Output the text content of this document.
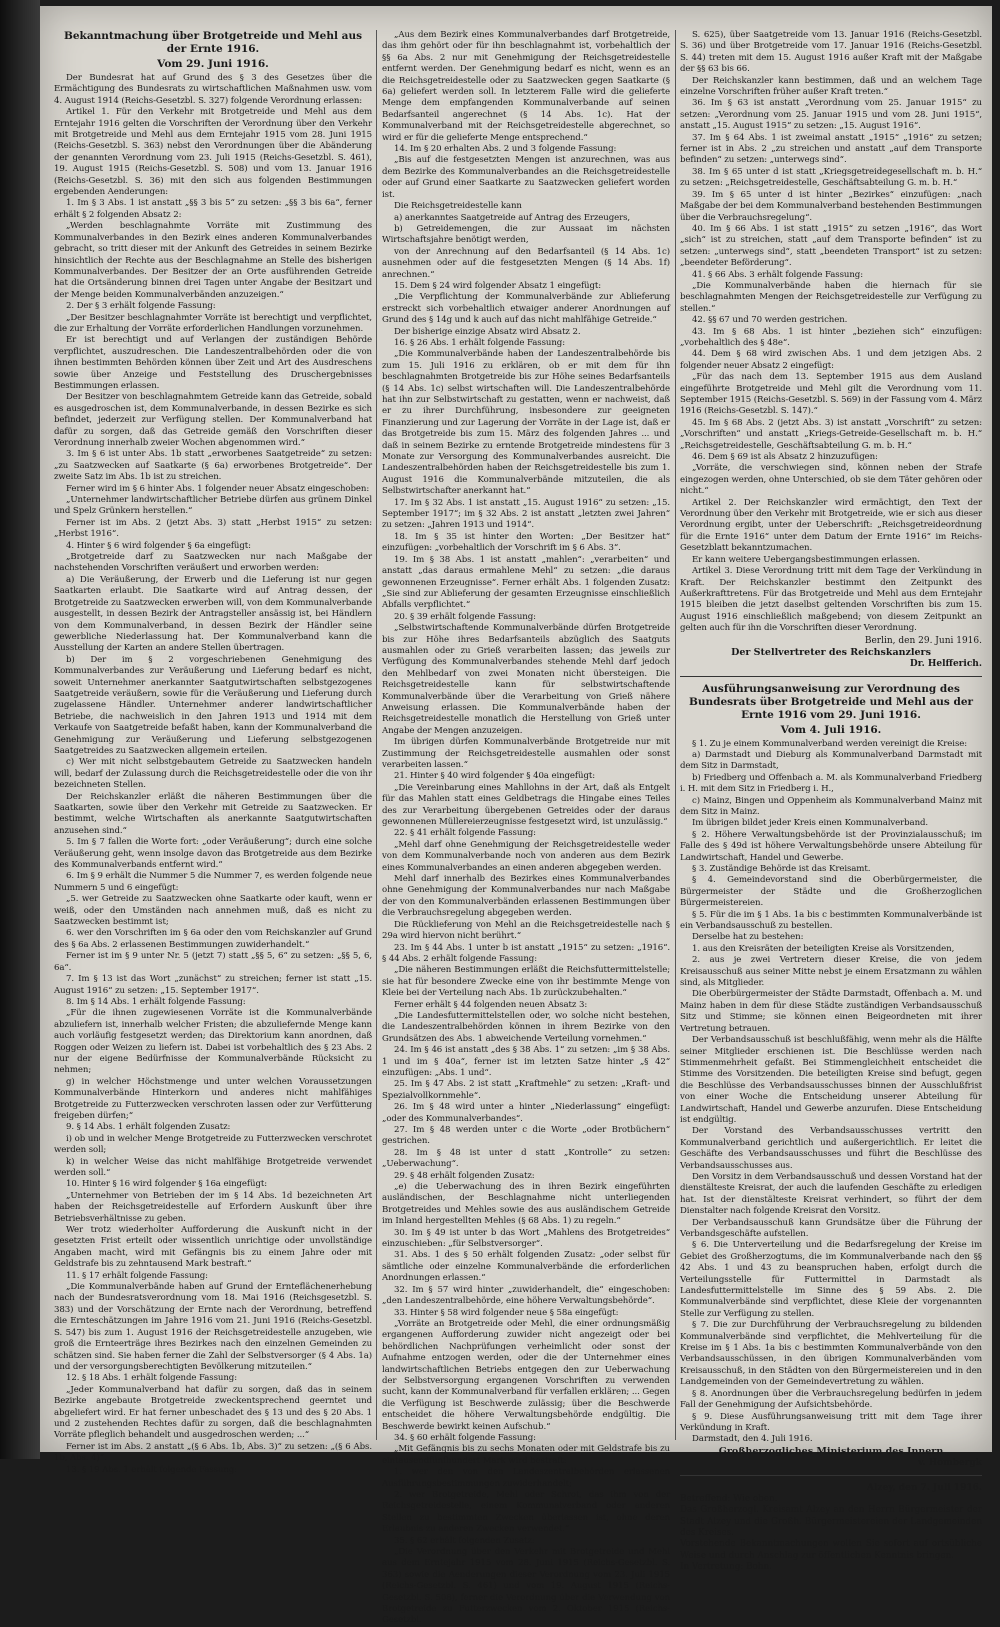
Bekanntmachung über Brotgetreide und Mehl aus der Ernte 1916.
Vom 29. Juni 1916.

Der Bundesrat hat auf Grund des § 3 des Gesetzes über die Ermächtigung des Bundesrats zu wirtschaftlichen Maßnahmen usw. vom 4. August 1914 (Reichs-Gesetzbl. S. 327) folgende Verordnung erlassen:

Artikel 1. Für den Verkehr mit Brotgetreide und Mehl aus dem Erntejahr 1916 gelten die Vorschriften der Verordnung über den Verkehr mit Brotgetreide und Mehl aus dem Erntejahr 1915 vom 28. Juni 1915 (Reichs-Gesetzbl. S. 363) nebst den Verordnungen über die Abänderung der genannten Verordnung vom 23. Juli 1915 (Reichs-Gesetzbl. S. 461), 19. August 1915 (Reichs-Gesetzbl. S. 508) und vom 13. Januar 1916 (Reichs-Gesetzbl. S. 36) mit den sich aus folgenden Bestimmungen ergebenden Aenderungen:

1. Im § 3 Abs. 1 ist anstatt „§§ 3 bis 5“ zu setzen: „§§ 3 bis 6a“, ferner erhält § 2 folgenden Absatz 2:

„Werden beschlagnahmte Vorräte mit Zustimmung des Kommunalverbandes in den Bezirk eines anderen Kommunalverbandes gebracht, so tritt dieser mit der Ankunft des Getreides in seinem Bezirke hinsichtlich der Rechte aus der Beschlagnahme an Stelle des bisherigen Kommunalverbandes. Der Besitzer der an Orte ausführenden Getreide hat die Ortsänderung binnen drei Tagen unter Angabe der Besitzart und der Menge beiden Kommunalverbänden anzuzeigen.“

2. Der § 3 erhält folgende Fassung:

„Der Besitzer beschlagnahmter Vorräte ist berechtigt und verpflichtet, die zur Erhaltung der Vorräte erforderlichen Handlungen vorzunehmen.

Er ist berechtigt und auf Verlangen der zuständigen Behörde verpflichtet, auszudreschen. Die Landeszentralbehörden oder die von ihnen bestimmten Behörden können über Zeit und Art des Ausdreschens sowie über Anzeige und Feststellung des Druschergebnisses Bestimmungen erlassen.

Der Besitzer von beschlagnahmtem Getreide kann das Getreide, sobald es ausgedroschen ist, dem Kommunalverbande, in dessen Bezirke es sich befindet, jederzeit zur Verfügung stellen. Der Kommunalverband hat dafür zu sorgen, daß das Getreide gemäß den Vorschriften dieser Verordnung innerhalb zweier Wochen abgenommen wird.“

3. Im § 6 ist unter Abs. 1b statt „erworbenes Saatgetreide“ zu setzen: „zu Saatzwecken auf Saatkarte (§ 6a) erworbenes Brotgetreide“. Der zweite Satz im Abs. 1b ist zu streichen.

Ferner wird im § 6 hinter Abs. 1 folgender neuer Absatz eingeschoben:

„Unternehmer landwirtschaftlicher Betriebe dürfen aus grünem Dinkel und Spelz Grünkern herstellen.“

Ferner ist im Abs. 2 (jetzt Abs. 3) statt „Herbst 1915“ zu setzen: „Herbst 1916“.

4. Hinter § 6 wird folgender § 6a eingefügt:

„Brotgetreide darf zu Saatzwecken nur nach Maßgabe der nachstehenden Vorschriften veräußert und erworben werden:

a) Die Veräußerung, der Erwerb und die Lieferung ist nur gegen Saatkarten erlaubt. Die Saatkarte wird auf Antrag dessen, der Brotgetreide zu Saatzwecken erwerben will, von dem Kommunalverbande ausgestellt, in dessen Bezirk der Antragsteller ansässig ist, bei Händlern von dem Kommunalverband, in dessen Bezirk der Händler seine gewerbliche Niederlassung hat. Der Kommunalverband kann die Ausstellung der Karten an andere Stellen übertragen.

b) Der im § 2 vorgeschriebenen Genehmigung des Kommunalverbandes zur Veräußerung und Lieferung bedarf es nicht, soweit Unternehmer anerkannter Saatgutwirtschaften selbstgezogenes Saatgetreide veräußern, sowie für die Veräußerung und Lieferung durch zugelassene Händler. Unternehmer anderer landwirtschaftlicher Betriebe, die nachweislich in den Jahren 1913 und 1914 mit dem Verkaufe von Saatgetreide befaßt haben, kann der Kommunalverband die Genehmigung zur Veräußerung und Lieferung selbstgezogenen Saatgetreides zu Saatzwecken allgemein erteilen.

c) Wer mit nicht selbstgebautem Getreide zu Saatzwecken handeln will, bedarf der Zulassung durch die Reichsgetreidestelle oder die von ihr bezeichneten Stellen.

Der Reichskanzler erläßt die näheren Bestimmungen über die Saatkarten, sowie über den Verkehr mit Getreide zu Saatzwecken. Er bestimmt, welche Wirtschaften als anerkannte Saatgutwirtschaften anzusehen sind.“

5. Im § 7 fallen die Worte fort: „oder Veräußerung“; durch eine solche Veräußerung geht, wenn insolge davon das Brotgetreide aus dem Bezirke des Kommunalverbands entfernt wird.“

6. Im § 9 erhält die Nummer 5 die Nummer 7, es werden folgende neue Nummern 5 und 6 eingefügt:

„5. wer Getreide zu Saatzwecken ohne Saatkarte oder kauft, wenn er weiß, oder den Umständen nach annehmen muß, daß es nicht zu Saatzwecken bestimmt ist;

6. wer den Vorschriften im § 6a oder den vom Reichskanzler auf Grund des § 6a Abs. 2 erlassenen Bestimmungen zuwiderhandelt.“

Ferner ist im § 9 unter Nr. 5 (jetzt 7) statt „§§ 5, 6“ zu setzen: „§§ 5, 6, 6a“.

7. Im § 13 ist das Wort „zunächst“ zu streichen; ferner ist statt „15. August 1916“ zu setzen: „15. September 1917“.

8. Im § 14 Abs. 1 erhält folgende Fassung:

„Für die ihnen zugewiesenen Vorräte ist die Kommunalverbände abzuliefern ist, innerhalb welcher Fristen; die abzuliefernde Menge kann auch vorläufig festgesetzt werden; das Direktorium kann anordnen, daß Roggen oder Weizen zu liefern ist. Dabei ist vorbehaltlich des § 23 Abs. 2 nur der eigene Bedürfnisse der Kommunalverbände Rücksicht zu nehmen;

g) in welcher Höchstmenge und unter welchen Voraussetzungen Kommunalverbände Hinterkorn und anderes nicht mahlfähiges Brotgetreide zu Futterzwecken verschroten lassen oder zur Verfütterung freigeben dürfen;“

9. § 14 Abs. 1 erhält folgenden Zusatz:

i) ob und in welcher Menge Brotgetreide zu Futterzwecken verschrotet werden soll;

k) in welcher Weise das nicht mahlfähige Brotgetreide verwendet werden soll.“

10. Hinter § 16 wird folgender § 16a eingefügt:

„Unternehmer von Betrieben der im § 14 Abs. 1d bezeichneten Art haben der Reichsgetreidestelle auf Erfordern Auskunft über ihre Betriebsverhältnisse zu geben.

Wer trotz wiederholter Aufforderung die Auskunft nicht in der gesetzten Frist erteilt oder wissentlich unrichtige oder unvollständige Angaben macht, wird mit Gefängnis bis zu einem Jahre oder mit Geldstrafe bis zu zehntausend Mark bestraft.“

11. § 17 erhält folgende Fassung:

„Die Kommunalverbände haben auf Grund der Ernteflächenerhebung nach der Bundesratsverordnung vom 18. Mai 1916 (Reichsgesetzbl. S. 383) und der Vorschätzung der Ernte nach der Verordnung, betreffend die Ernteschätzungen im Jahre 1916 vom 21. Juni 1916 (Reichs-Gesetzbl. S. 547) bis zum 1. August 1916 der Reichsgetreidestelle anzugeben, wie groß die Ernteerträge ihres Bezirkes nach den einzelnen Gemeinden zu schätzen sind. Sie haben ferner die Zahl der Selbstversorger (§ 4 Abs. 1a) und der versorgungsberechtigten Bevölkerung mitzuteilen.“

12. § 18 Abs. 1 erhält folgende Fassung:

„Jeder Kommunalverband hat dafür zu sorgen, daß das in seinem Bezirke angebaute Brotgetreide zweckentsprechend geerntet und abgeliefert wird. Er hat ferner unbeschadet des § 13 und des § 20 Abs. 1 und 2 zustehenden Rechtes dafür zu sorgen, daß die beschlagnahmten Vorräte pfleglich behandelt und ausgedroschen werden; ...“

Ferner ist im Abs. 2 anstatt „(§ 6 Abs. 1b, Abs. 3)“ zu setzen: „(§ 6 Abs. 1b, Abs. 4)“.

13. § 19 Abs. 1 erhält folgende Fassung:

„Aus dem Bezirk eines Kommunalverbandes darf Brotgetreide, das ihm gehört oder für ihn beschlagnahmt ist, vorbehaltlich der §§ 6a Abs. 2 nur mit Genehmigung der Reichsgetreidestelle entfernt werden. Der Genehmigung bedarf es nicht, wenn es an die Reichsgetreidestelle oder zu Saatzwecken gegen Saatkarte (§ 6a) geliefert werden soll. In letzterem Falle wird die gelieferte Menge dem empfangenden Kommunalverbande auf seinen Bedarfsanteil angerechnet (§ 14 Abs. 1c). Hat der Kommunalverband mit der Reichsgetreidestelle abgerechnet, so wird er für die gelieferte Menge entsprechend.“

14. Im § 20 erhalten Abs. 2 und 3 folgende Fassung:

„Bis auf die festgesetzten Mengen ist anzurechnen, was aus dem Bezirke des Kommunalverbandes an die Reichsgetreidestelle oder auf Grund einer Saatkarte zu Saatzwecken geliefert worden ist.

Die Reichsgetreidestelle kann

a) anerkanntes Saatgetreide auf Antrag des Erzeugers,

b) Getreidemengen, die zur Aussaat im nächsten Wirtschaftsjahre benötigt werden,

von der Anrechnung auf den Bedarfsanteil (§ 14 Abs. 1c) ausnehmen oder auf die festgesetzten Mengen (§ 14 Abs. 1f) anrechnen.“

15. Dem § 24 wird folgender Absatz 1 eingefügt:

„Die Verpflichtung der Kommunalverbände zur Ablieferung erstreckt sich vorbehaltlich etwaiger anderer Anordnungen auf Grund des § 14g und k auch auf das nicht mahlfähige Getreide.“

Der bisherige einzige Absatz wird Absatz 2.

16. § 26 Abs. 1 erhält folgende Fassung:

„Die Kommunalverbände haben der Landeszentralbehörde bis zum 15. Juli 1916 zu erklären, ob er mit dem für ihn beschlagnahmten Brotgetreide bis zur Höhe seines Bedarfsanteils (§ 14 Abs. 1c) selbst wirtschaften will. Die Landeszentralbehörde hat ihn zur Selbstwirtschaft zu gestatten, wenn er nachweist, daß er zu ihrer Durchführung, insbesondere zur geeigneten Finanzierung und zur Lagerung der Vorräte in der Lage ist, daß er das Brotgetreide bis zum 15. März des folgenden Jahres ... und daß in seinem Bezirke zu erntende Brotgetreide mindestens für 3 Monate zur Versorgung des Kommunalverbandes ausreicht. Die Landeszentralbehörden haben der Reichsgetreidestelle bis zum 1. August 1916 die Kommunalverbände mitzuteilen, die als Selbstwirtschafter anerkannt hat.“

17. Im § 32 Abs. 1 ist anstatt „15. August 1916“ zu setzen: „15. September 1917“; im § 32 Abs. 2 ist anstatt „letzten zwei Jahren“ zu setzen: „Jahren 1913 und 1914“.

18. Im § 35 ist hinter den Worten: „Der Besitzer hat“ einzufügen: „vorbehaltlich der Vorschrift im § 6 Abs. 3“.

19. Im § 38 Abs. 1 ist anstatt „mahlen“: „verarbeiten“ und anstatt „das daraus ermahlene Mehl“ zu setzen: „die daraus gewonnenen Erzeugnisse“. Ferner erhält Abs. 1 folgenden Zusatz: „Sie sind zur Ablieferung der gesamten Erzeugnisse einschließlich Abfalls verpflichtet.“

20. § 39 erhält folgende Fassung:

„Selbstwirtschaftende Kommunalverbände dürfen Brotgetreide bis zur Höhe ihres Bedarfsanteils abzüglich des Saatguts ausmahlen oder zu Grieß verarbeiten lassen; das jeweils zur Verfügung des Kommunalverbandes stehende Mehl darf jedoch den Mehlbedarf von zwei Monaten nicht übersteigen. Die Reichsgetreidestelle kann für selbstwirtschaftende Kommunalverbände über die Verarbeitung von Grieß nähere Anweisung erlassen. Die Kommunalverbände haben der Reichsgetreidestelle monatlich die Herstellung von Grieß unter Angabe der Mengen anzuzeigen.

Im übrigen dürfen Kommunalverbände Brotgetreide nur mit Zustimmung der Reichsgetreidestelle ausmahlen oder sonst verarbeiten lassen.“

21. Hinter § 40 wird folgender § 40a eingefügt:

„Die Vereinbarung eines Mahllohns in der Art, daß als Entgelt für das Mahlen statt eines Geldbetrags die Hingabe eines Teiles des zur Verarbeitung übergebenen Getreides oder der daraus gewonnenen Müllereierzeugnisse festgesetzt wird, ist unzulässig.“

22. § 41 erhält folgende Fassung:

„Mehl darf ohne Genehmigung der Reichsgetreidestelle weder von dem Kommunalverbande noch von anderen aus dem Bezirk eines Kommunalverbandes an einen anderen abgegeben werden.

Mehl darf innerhalb des Bezirkes eines Kommunalverbandes ohne Genehmigung der Kommunalverbandes nur nach Maßgabe der von den Kommunalverbänden erlassenen Bestimmungen über die Verbrauchsregelung abgegeben werden.

Die Rücklieferung von Mehl an die Reichsgetreidestelle nach § 29a wird hiervon nicht berührt.“

23. Im § 44 Abs. 1 unter b ist anstatt „1915“ zu setzen: „1916“. § 44 Abs. 2 erhält folgende Fassung:

„Die näheren Bestimmungen erläßt die Reichsfuttermittelstelle; sie hat für besondere Zwecke eine von ihr bestimmte Menge von Kleie bei der Verteilung nach Abs. 1b zurückzubehalten.“

Ferner erhält § 44 folgenden neuen Absatz 3:

„Die Landesfuttermittelstellen oder, wo solche nicht bestehen, die Landeszentralbehörden können in ihrem Bezirke von den Grundsätzen des Abs. 1 abweichende Verteilung vornehmen.“

24. Im § 46 ist anstatt „des § 38 Abs. 1“ zu setzen: „im § 38 Abs. 1 und im § 40a“, ferner ist im letzten Satze hinter „§ 42“ einzufügen: „Abs. 1 und“.

25. Im § 47 Abs. 2 ist statt „Kraftmehle“ zu setzen: „Kraft- und Spezialvollkornmehle“.

26. Im § 48 wird unter a hinter „Niederlassung“ eingefügt: „oder des Kommunalverbandes“.

27. Im § 48 werden unter c die Worte „oder Brotbüchern“ gestrichen.

28. Im § 48 ist unter d statt „Kontrolle“ zu setzen: „Ueberwachung“.

29. § 48 erhält folgenden Zusatz:

„e) die Ueberwachung des in ihren Bezirk eingeführten ausländischen, der Beschlagnahme nicht unterliegenden Brotgetreides und Mehles sowie des aus ausländischem Getreide im Inland hergestellten Mehles (§ 68 Abs. 1) zu regeln.“

30. Im § 49 ist unter b das Wort „Mahlens des Brotgetreides“ einzuschieben: „für Selbstversorger“.

31. Abs. 1 des § 50 erhält folgenden Zusatz: „oder selbst für sämtliche oder einzelne Kommunalverbände die erforderlichen Anordnungen erlassen.“

32. Im § 57 wird hinter „zuwiderhandelt, die“ eingeschoben: „den Landeszentralbehörde, eine höhere Verwaltungsbehörde“.

33. Hinter § 58 wird folgender neue § 58a eingefügt:

„Vorräte an Brotgetreide oder Mehl, die einer ordnungsmäßig ergangenen Aufforderung zuwider nicht angezeigt oder bei behördlichen Nachprüfungen verheimlicht oder sonst der Aufnahme entzogen werden, oder die der Unternehmer eines landwirtschaftlichen Betriebs entgegen den zur Ueberwachung der Selbstversorgung ergangenen Vorschriften zu verwenden sucht, kann der Kommunalverband für verfallen erklären; ... Gegen die Verfügung ist Beschwerde zulässig; über die Beschwerde entscheidet die höhere Verwaltungsbehörde endgültig. Die Beschwerde bewirkt keinen Aufschub.“

34. § 60 erhält folgende Fassung:

„Mit Gefängnis bis zu sechs Monaten oder mit Geldstrafe bis zu eintausendfünfhundert Mark wird bestraft:

1. wer den von den Landeszentralbehörden erlassenen Ausführungsbestimmungen zuwiderhandelt;

2. wer Brotgetreide, Mehl oder Schrot, das ihm von der Reichsgetreidestelle, einem Kommunalverband oder anderen Stellen zu bestimmten Zwecken überlassen ist, ohne deren Erlaubnis zu anderen Zwecken verwendet.“

35. § 62 erhält folgenden Zusatz:

„Die Verordnung über den Verkehr mit Brotgetreide und Mehl aus dem Erntejahr 1915 vom 28. Juni 1915 (Reichs-Gesetzbl. S. 363) sowie die Aenderungen dieser Verordnung vom 23. Juli 1915 (Reichs-Gesetzbl. S. 461) und vom 19. August 1915 (Reichs-Gesetzbl. S. 508), ferner die Verordnung über die Verwendung von Brotgetreide zu Futterzwecken vom 2. Oktober 1915 (Reichs-Gesetzbl.

S. 625), über Saatgetreide vom 13. Januar 1916 (Reichs-Gesetzbl. S. 36) und über Brotgetreide vom 17. Januar 1916 (Reichs-Gesetzbl. S. 44) treten mit dem 15. August 1916 außer Kraft mit der Maßgabe der §§ 63 bis 66.

Der Reichskanzler kann bestimmen, daß und an welchem Tage einzelne Vorschriften früher außer Kraft treten.“

36. Im § 63 ist anstatt „Verordnung vom 25. Januar 1915“ zu setzen: „Verordnung vom 25. Januar 1915 und vom 28. Juni 1915“, anstatt „15. August 1915“ zu setzen: „15. August 1916“.

37. Im § 64 Abs. 1 ist zweimal anstatt „1915“ „1916“ zu setzen; ferner ist in Abs. 2 „zu streichen und anstatt „auf dem Transporte befinden“ zu setzen: „unterwegs sind“.

38. Im § 65 unter d ist statt „Kriegsgetreidegesellschaft m. b. H.“ zu setzen: „Reichsgetreidestelle, Geschäftsabteilung G. m. b. H.“

39. Im § 65 unter d ist hinter „Bezirkes“ einzufügen: „nach Maßgabe der bei dem Kommunalverband bestehenden Bestimmungen über die Verbrauchsregelung“.

40. Im § 66 Abs. 1 ist statt „1915“ zu setzen „1916“, das Wort „sich“ ist zu streichen, statt „auf dem Transporte befinden“ ist zu setzen: „unterwegs sind“, statt „beendeten Transport“ ist zu setzen: „beendeter Beförderung“.

41. § 66 Abs. 3 erhält folgende Fassung:

„Die Kommunalverbände haben die hiernach für sie beschlagnahmten Mengen der Reichsgetreidestelle zur Verfügung zu stellen.“

42. §§ 67 und 70 werden gestrichen.

43. Im § 68 Abs. 1 ist hinter „beziehen sich“ einzufügen: „vorbehaltlich des § 48e“.

44. Dem § 68 wird zwischen Abs. 1 und dem jetzigen Abs. 2 folgender neuer Absatz 2 eingefügt:

„Für das nach dem 13. September 1915 aus dem Ausland eingeführte Brotgetreide und Mehl gilt die Verordnung vom 11. September 1915 (Reichs-Gesetzbl. S. 569) in der Fassung vom 4. März 1916 (Reichs-Gesetzbl. S. 147).“

45. Im § 68 Abs. 2 (jetzt Abs. 3) ist anstatt „Vorschrift“ zu setzen: „Vorschriften“ und anstatt „Kriegs-Getreide-Gesellschaft m. b. H.“ „Reichsgetreidestelle, Geschäftsabteilung G. m. b. H.“

46. Dem § 69 ist als Absatz 2 hinzuzufügen:

„Vorräte, die verschwiegen sind, können neben der Strafe eingezogen werden, ohne Unterschied, ob sie dem Täter gehören oder nicht.“

Artikel 2. Der Reichskanzler wird ermächtigt, den Text der Verordnung über den Verkehr mit Brotgetreide, wie er sich aus dieser Verordnung ergibt, unter der Ueberschrift: „Reichsgetreideordnung für die Ernte 1916“ unter dem Datum der Ernte 1916“ im Reichs-Gesetzblatt bekanntzumachen.

Er kann weitere Uebergangsbestimmungen erlassen.

Artikel 3. Diese Verordnung tritt mit dem Tage der Verkündung in Kraft. Der Reichskanzler bestimmt den Zeitpunkt des Außerkrafttretens. Für das Brotgetreide und Mehl aus dem Erntejahr 1915 bleiben die jetzt daselbst geltenden Vorschriften bis zum 15. August 1916 einschließlich maßgebend; von diesem Zeitpunkt an gelten auch für ihn die Vorschriften dieser Verordnung.

Berlin, den 29. Juni 1916.

Der Stellvertreter des Reichskanzlers

Dr. Helfferich.

Ausführungsanweisung zur Verordnung des Bundesrats über Brotgetreide und Mehl aus der Ernte 1916 vom 29. Juni 1916.
Vom 4. Juli 1916.

§ 1. Zu je einem Kommunalverband werden vereinigt die Kreise:

a) Darmstadt und Dieburg als Kommunalverband Darmstadt mit dem Sitz in Darmstadt,

b) Friedberg und Offenbach a. M. als Kommunalverband Friedberg i. H. mit dem Sitz in Friedberg i. H.,

c) Mainz, Bingen und Oppenheim als Kommunalverband Mainz mit dem Sitz in Mainz.

Im übrigen bildet jeder Kreis einen Kommunalverband.

§ 2. Höhere Verwaltungsbehörde ist der Provinzialausschuß; im Falle des § 49d ist höhere Verwaltungsbehörde unsere Abteilung für Landwirtschaft, Handel und Gewerbe.

§ 3. Zuständige Behörde ist das Kreisamt.

§ 4. Gemeindevorstand sind die Oberbürgermeister, die Bürgermeister der Städte und die Großherzoglichen Bürgermeistereien.

§ 5. Für die im § 1 Abs. 1a bis c bestimmten Kommunalverbände ist ein Verbandsausschuß zu bestellen.

Derselbe hat zu bestehen:

1. aus den Kreisräten der beteiligten Kreise als Vorsitzenden,

2. aus je zwei Vertretern dieser Kreise, die von jedem Kreisausschuß aus seiner Mitte nebst je einem Ersatzmann zu wählen sind, als Mitglieder.

Die Oberbürgermeister der Städte Darmstadt, Offenbach a. M. und Mainz haben in dem für diese Städte zuständigen Verbandsausschuß Sitz und Stimme; sie können einen Beigeordneten mit ihrer Vertretung betrauen.

Der Verbandsausschuß ist beschlußfähig, wenn mehr als die Hälfte seiner Mitglieder erschienen ist. Die Beschlüsse werden nach Stimmenmehrheit gefaßt. Bei Stimmengleichheit entscheidet die Stimme des Vorsitzenden. Die beteiligten Kreise sind befugt, gegen die Beschlüsse des Verbandsausschusses binnen der Ausschlußfrist von einer Woche die Entscheidung unserer Abteilung für Landwirtschaft, Handel und Gewerbe anzurufen. Diese Entscheidung ist endgültig.

Der Vorstand des Verbandsausschusses vertritt den Kommunalverband gerichtlich und außergerichtlich. Er leitet die Geschäfte des Verbandsausschusses und führt die Beschlüsse des Verbandsausschusses aus.

Den Vorsitz in dem Verbandsausschuß und dessen Vorstand hat der dienstälteste Kreisrat, der auch die laufenden Geschäfte zu erledigen hat. Ist der dienstälteste Kreisrat verhindert, so führt der dem Dienstalter nach folgende Kreisrat den Vorsitz.

Der Verbandsausschuß kann Grundsätze über die Führung der Verbandsgeschäfte aufstellen.

§ 6. Die Unterverteilung und die Bedarfsregelung der Kreise im Gebiet des Großherzogtums, die im Kommunalverbande nach den §§ 42 Abs. 1 und 43 zu beanspruchen haben, erfolgt durch die Verteilungsstelle für Futtermittel in Darmstadt als Landesfuttermittelstelle im Sinne des § 59 Abs. 2. Die Kommunalverbände sind verpflichtet, diese Kleie der vorgenannten Stelle zur Verfügung zu stellen.

§ 7. Die zur Durchführung der Verbrauchsregelung zu bildenden Kommunalverbände sind verpflichtet, die Mehlverteilung für die Kreise im § 1 Abs. 1a bis c bestimmten Kommunalverbände von den Verbandsausschüssen, in den übrigen Kommunalverbänden vom Kreisausschuß, in den Städten von den Bürgermeistereien und in den Landgemeinden von der Gemeindevertretung zu wählen.

§ 8. Anordnungen über die Verbrauchsregelung bedürfen in jedem Fall der Genehmigung der Aufsichtsbehörde.

§ 9. Diese Ausführungsanweisung tritt mit dem Tage ihrer Verkündung in Kraft.

Darmstadt, den 4. Juli 1916.

Großherzogliches Ministerium des Innern

v. Hombergk

Alzey, den 7. Juli 1916.

Betreffend: Wie oben.

Das Großherzogl. Kreisamt Alzey an den Herrn Bürgermeister der Stadt Alzey und die Großh. Bürgermeistereien der Landgemeinden des Kreises.

Vorstehende Bekanntmachungen wollen Sie sofort auf ortsübliche Weise und durch Anschlag zur öffentlichen Kenntnis bringen.

In Vertretung: Bohn.
